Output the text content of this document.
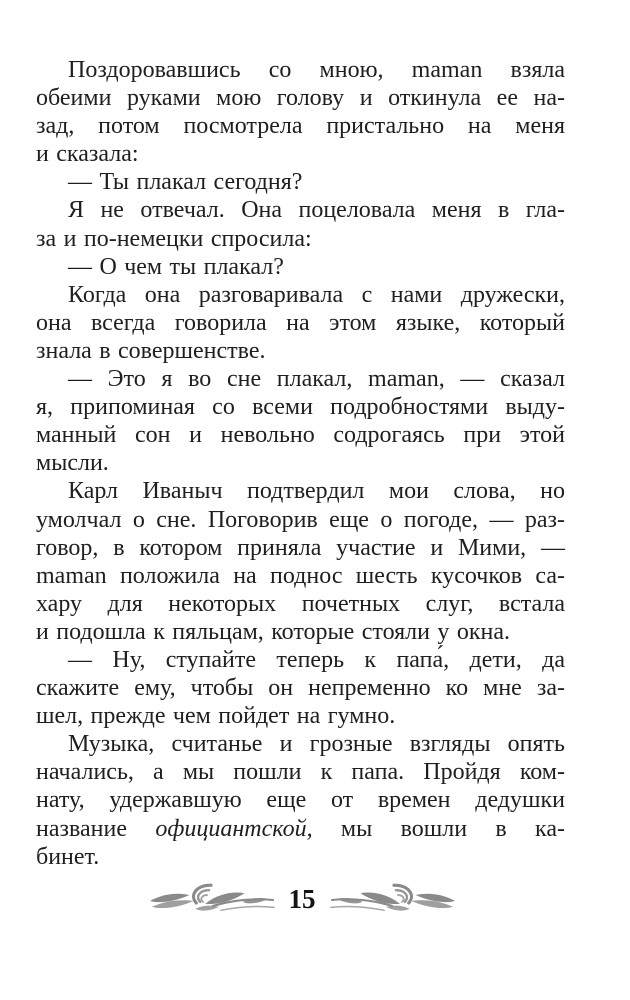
Поздоровавшись со мною, maman взяла
обеими руками мою голову и откинула ее на-
зад, потом посмотрела пристально на меня
и сказала:
— Ты плакал сегодня?
Я не отвечал. Она поцеловала меня в гла-
за и по-немецки спросила:
— О чем ты плакал?
Когда она разговаривала с нами дружески,
она всегда говорила на этом языке, который
знала в совершенстве.
— Это я во сне плакал, maman, — сказал
я, припоминая со всеми подробностями выду-
манный сон и невольно содрогаясь при этой
мысли.
Карл Иваныч подтвердил мои слова, но
умолчал о сне. Поговорив еще о погоде, — раз-
говор, в котором приняла участие и Мими, —
maman положила на поднос шесть кусочков са-
хару для некоторых почетных слуг, встала
и подошла к пяльцам, которые стояли у окна.
— Ну, ступайте теперь к папа́, дети, да
скажите ему, чтобы он непременно ко мне за-
шел, прежде чем пойдет на гумно.
Музыка, считанье и грозные взгляды опять
начались, а мы пошли к папа. Пройдя ком-
нату, удержавшую еще от времен дедушки
название официантской, мы вошли в ка-
бинет.
15
